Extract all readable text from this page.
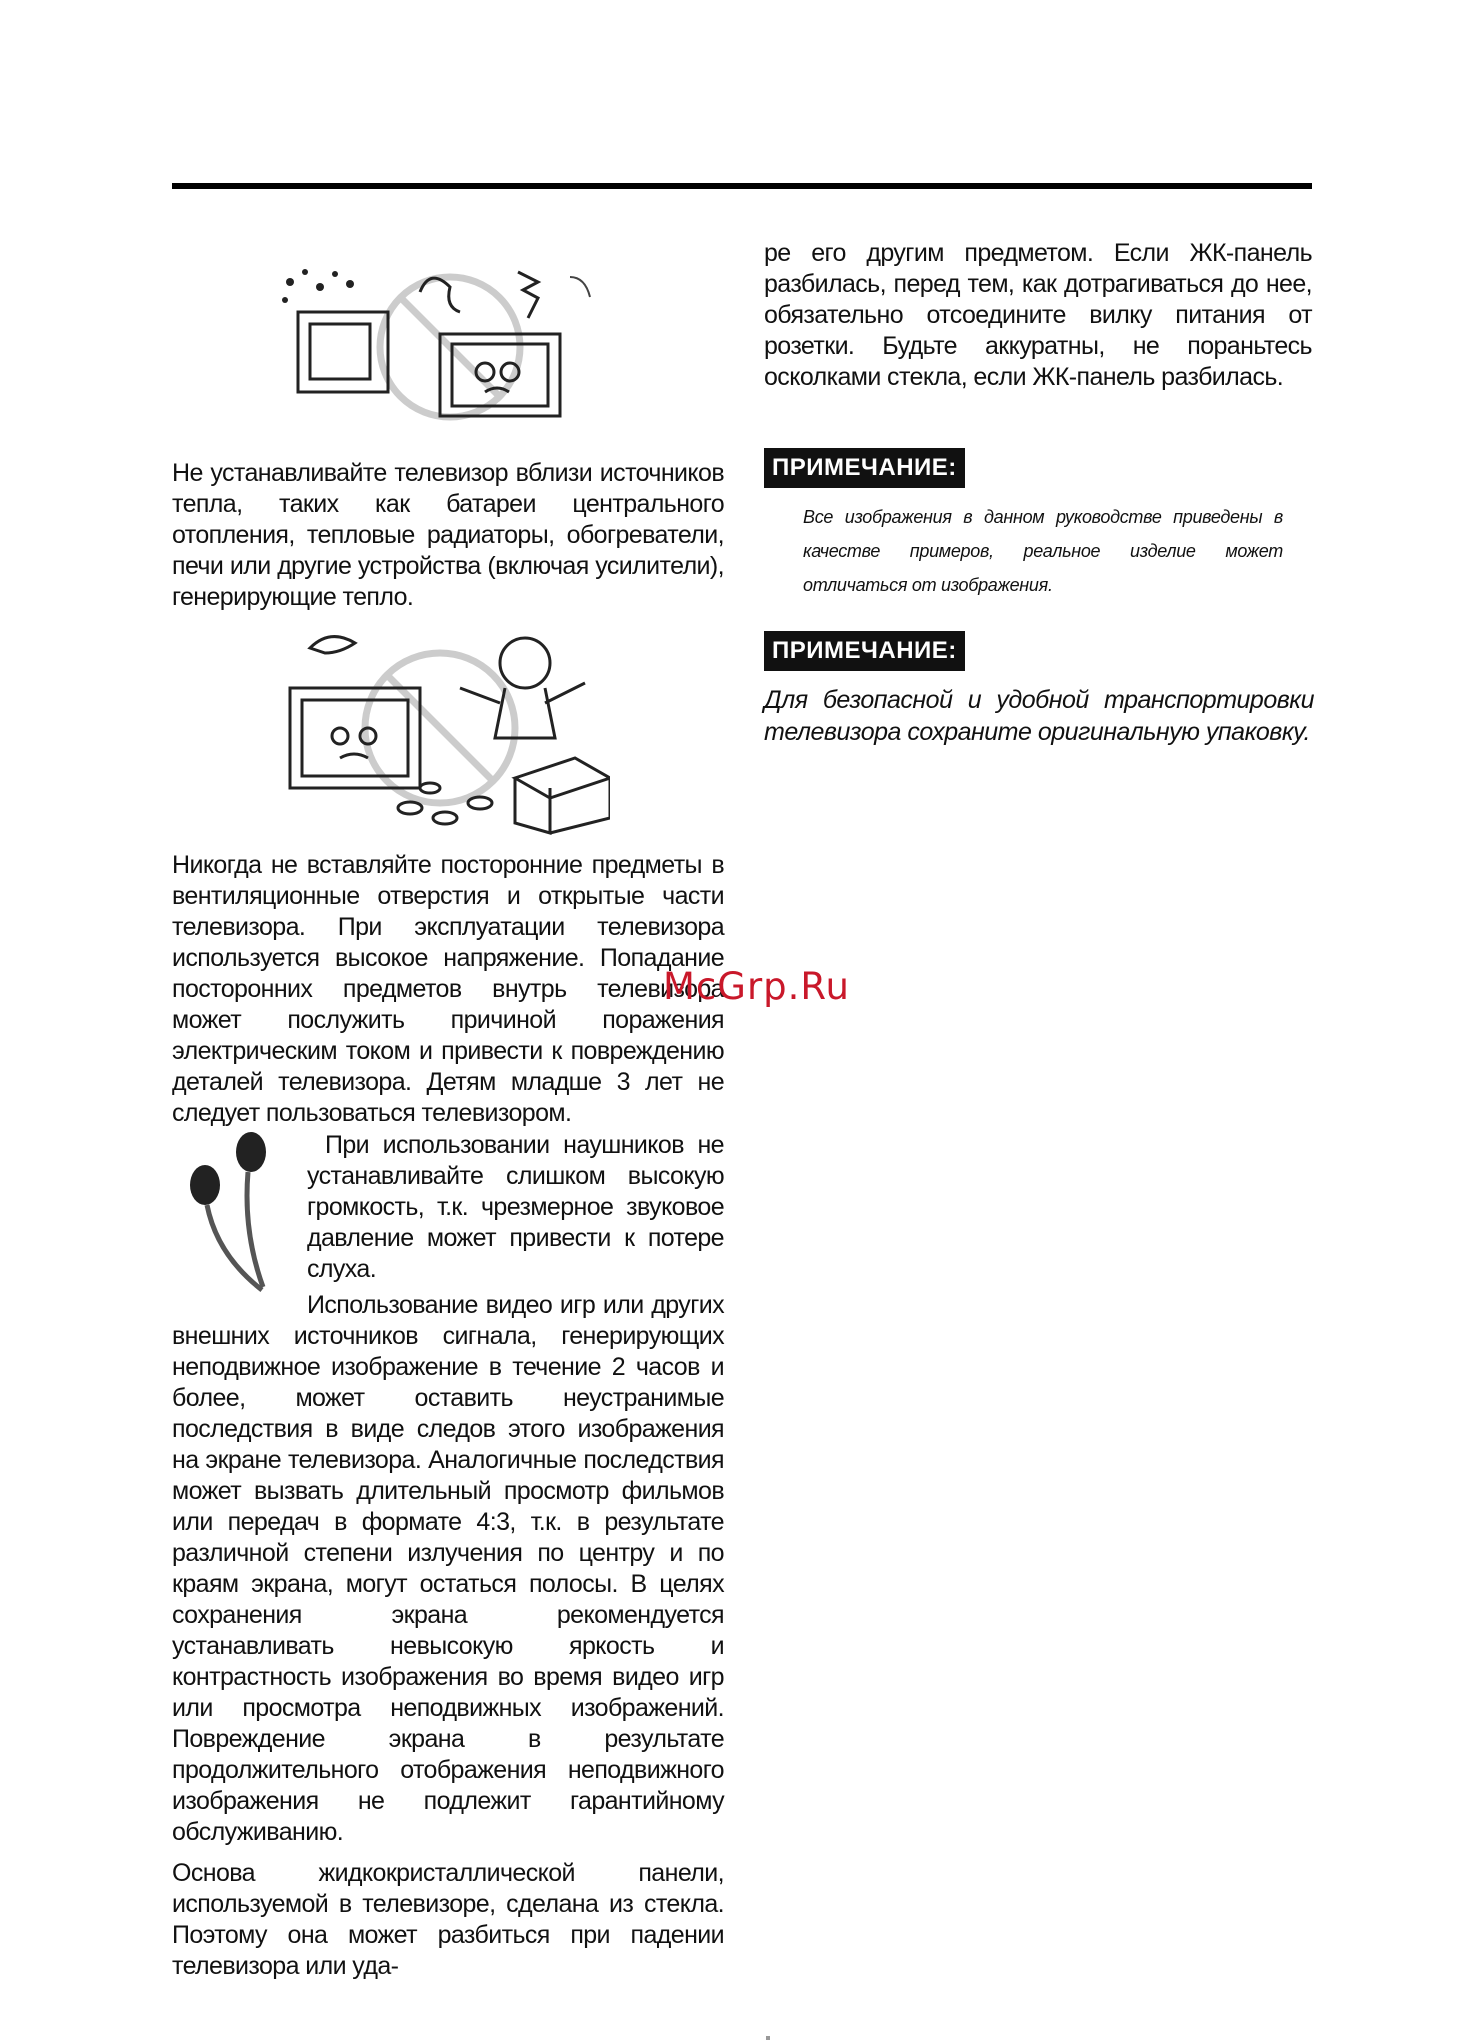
Не устанавливайте телевизор вблизи источников тепла, таких как батареи центрального отопления, тепловые радиаторы, обогреватели, печи или другие устройства (включая усилители), генерирующие тепло.

Никогда не вставляйте посторонние предметы в вентиляционные отверстия и открытые части телевизора. При эксплуатации телевизора используется высокое напряжение. Попадание посторонних предметов внутрь телевизора может послужить причиной поражения электрическим током и привести к повреждению деталей телевизора. Детям младше 3 лет не следует пользоваться телевизором.

При использовании наушников не устанавливайте слишком высокую громкость, т.к. чрезмерное звуковое давление может привести к потере слуха.

Использование видео игр или других внешних источников сигнала, генерирующих неподвижное изображение в течение 2 часов и более, может оставить неустранимые последствия в виде следов этого изображения на экране телевизора. Аналогичные последствия может вызвать длительный просмотр фильмов или передач в формате 4:3, т.к. в результате различной степени излучения по центру и по краям экрана, могут остаться полосы. В целях сохранения экрана рекомендуется устанавливать невысокую яркость и контрастность изображения во время видео игр или просмотра неподвижных изображений. Повреждение экрана в результате продолжительного отображения неподвижного изображения не подлежит гарантийному обслуживанию.

Основа жидкокристаллической панели, используемой в телевизоре, сделана из стекла. Поэтому она может разбиться при падении телевизора или уда-

ре его другим предметом. Если ЖК-панель разбилась, перед тем, как дотрагиваться до нее, обязательно отсоедините вилку питания от розетки. Будьте аккуратны, не пораньтесь осколками стекла, если ЖК-панель разбилась.

ПРИМЕЧАНИЕ:
Все изображения в данном руководстве приведены в качестве примеров, реальное изделие может отличаться от изображения.
ПРИМЕЧАНИЕ:
Для безопасной и удобной транспортировки телевизора сохраните оригинальную упаковку.
McGrp.Ru
